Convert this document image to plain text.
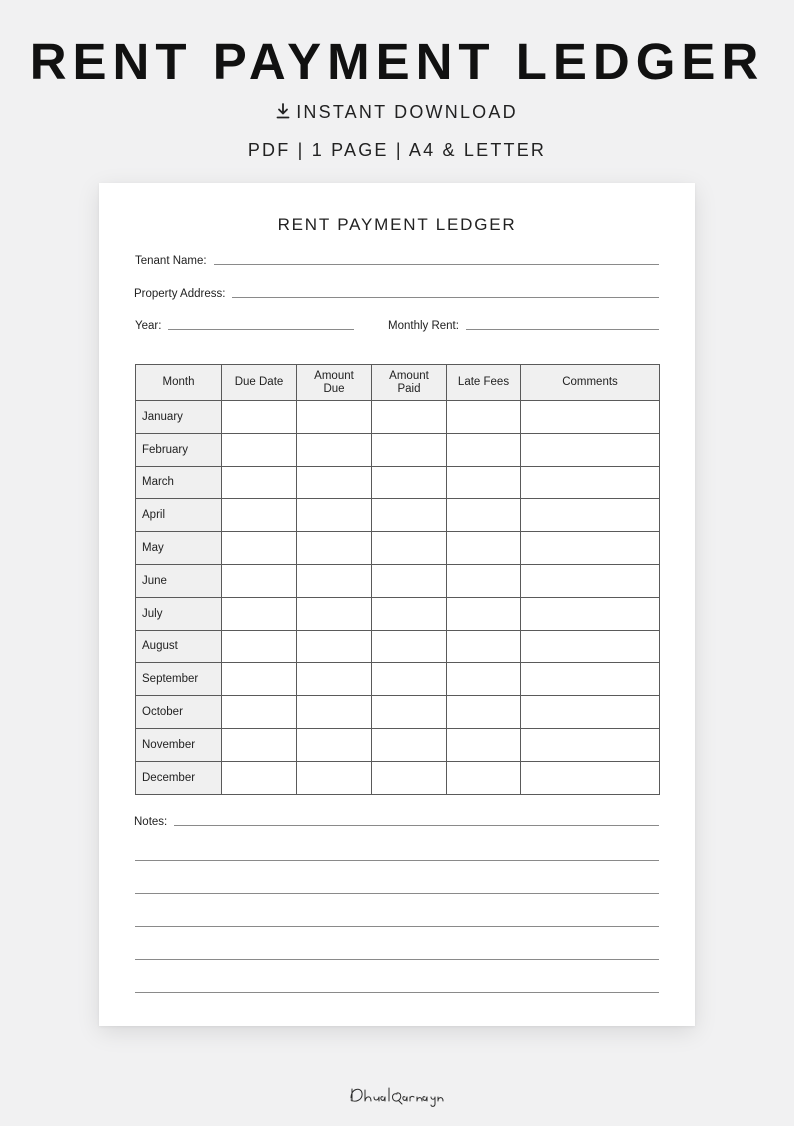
RENT PAYMENT LEDGER
INSTANT DOWNLOAD
PDF | 1 PAGE | A4 & LETTER
RENT PAYMENT LEDGER
Tenant Name:
Property Address:
Year:	Monthly Rent:
Month	Due Date	Amount Due	Amount Paid	Late Fees	Comments
January					
February					
March					
April					
May					
June					
July					
August					
September					
October					
November					
December					
Notes:
